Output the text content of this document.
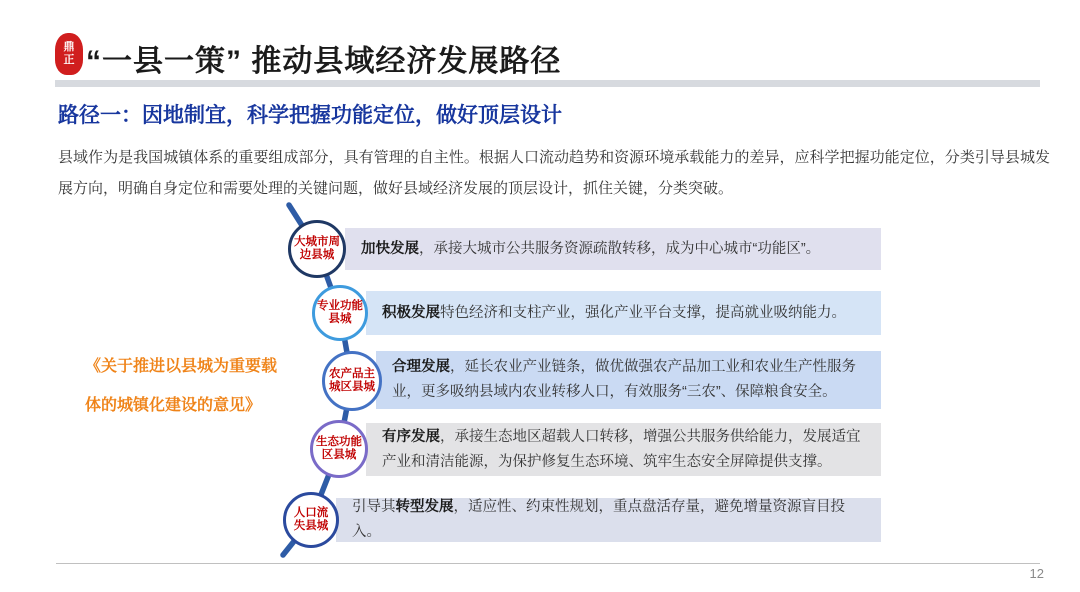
鼎
正 “一县一策” 推动县域经济发展路径
路径一：因地制宜，科学把握功能定位，做好顶层设计
县域作为是我国城镇体系的重要组成部分，具有管理的自主性。根据人口流动趋势和资源环境承载能力的差异，应科学把握功能定位，分类引导县城发展方向，明确自身定位和需要处理的关键问题，做好县域经济发展的顶层设计，抓住关键，分类突破。
《关于推进以县城为重要载体的城镇化建设的意见》
加快发展，承接大城市公共服务资源疏散转移，成为中心城市“功能区”。
大城市周
边县城
积极发展特色经济和支柱产业，强化产业平台支撑，提高就业吸纳能力。
专业功能
县城
合理发展，延长农业产业链条，做优做强农产品加工业和农业生产性服务业，更多吸纳县域内农业转移人口，有效服务“三农”、保障粮食安全。
农产品主
城区县城
有序发展，承接生态地区超载人口转移，增强公共服务供给能力，发展适宜产业和清洁能源，为保护修复生态环境、筑牢生态安全屏障提供支撑。
生态功能
区县城
引导其转型发展，适应性、约束性规划，重点盘活存量，避免增量资源盲目投入。
人口流
失县城
12
